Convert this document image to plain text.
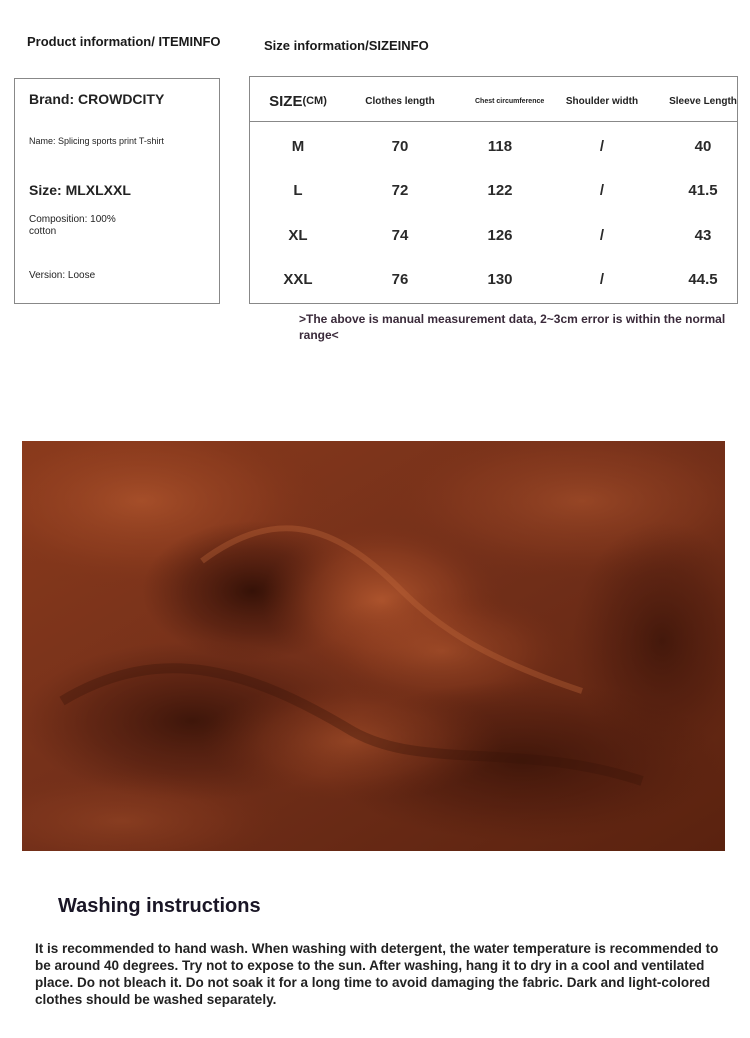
Product information/ ITEMINFO	Size information/SIZEINFO
Brand: CROWDCITY
Name: Splicing sports print T-shirt
Size: MLXLXXL
Composition: 100% cotton
Version: Loose
SIZE (CM)	Clothes length	Chest circumference	Shoulder width	Sleeve Length
M	70	118	/	40
L	72	122	/	41.5
XL	74	126	/	43
XXL	76	130	/	44.5
>The above is manual measurement data, 2~3cm error is within the normal range<
Washing instructions
It is recommended to hand wash. When washing with detergent, the water temperature is recommended to be around 40 degrees. Try not to expose to the sun. After washing, hang it to dry in a cool and ventilated place. Do not bleach it. Do not soak it for a long time to avoid damaging the fabric. Dark and light-colored clothes should be washed separately.
